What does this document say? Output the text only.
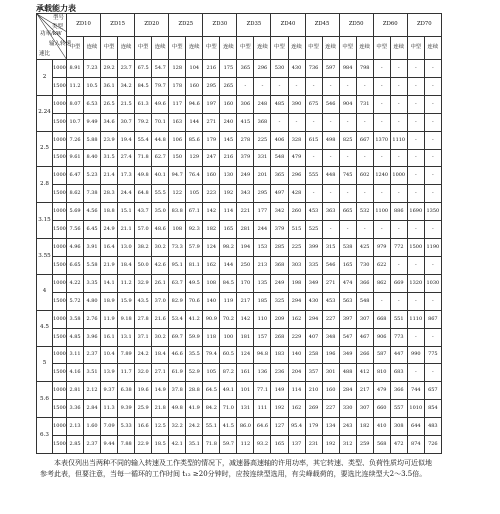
承载能力表
型号
类型
功率/kW
输入转速
速比		ZD10		ZD15		ZD20		ZD25		ZD30		ZD35		ZD40		ZD45		ZD50		ZD60		ZD70	
		中型	连续	中型	连续	中型	连续	中型	连续	中型	连续	中型	连续	中型	连续	中型	连续	中型	连续	中型	连续	中型	连续
2	1000	8.91	7.23	29.2	23.7	67.5	54.7	128	104	216	175	365	296	530	430	736	597	984	798	-	-	-	-
	1500	11.2	10.5	36.1	34.2	84.5	79.7	178	160	295	265	-	-	-	-	-	-	-	-	-	-	-	-
2.24	1000	8.07	6.53	26.5	21.5	61.3	49.6	117	94.6	197	160	306	248	485	390	675	546	904	731	-	-	-	-
	1500	10.7	9.49	34.6	30.7	79.2	70.1	163	144	271	240	415	368	-	-	-	-	-	-	-	-	-	-
2.5	1000	7.26	5.88	23.9	19.4	55.4	44.8	106	85.6	179	145	278	225	406	328	615	498	825	667	1370	1110	-	-
	1500	9.61	8.40	31.5	27.4	71.8	62.7	150	129	247	216	379	331	548	479	-	-	-	-	-	-	-	-
2.8	1000	6.47	5.23	21.4	17.3	49.8	40.1	94.7	76.4	160	130	249	201	365	296	555	448	745	602	1240	1000	-	-
	1500	8.62	7.38	28.3	24.4	64.8	55.5	122	105	223	192	343	295	497	428	-	-	-	-	-	-	-	-
3.15	1000	5.69	4.56	18.8	15.1	43.7	35.0	83.8	67.1	142	114	221	177	342	260	453	363	665	532	1100	886	1690	1350
	1500	7.56	6.45	24.9	21.1	57.0	48.6	108	92.3	182	165	281	244	379	515	525	-	-	-	-	-	-	-
3.55	1000	4.96	3.91	16.4	13.0	38.2	30.2	73.3	57.9	124	98.2	194	153	285	225	399	315	538	425	979	772	1500	1190
	1500	6.65	5.58	21.9	18.4	50.0	42.6	95.1	81.1	162	144	250	213	368	303	335	546	165	730	622	-	-	-
4	1000	4.22	3.35	14.1	11.2	32.9	26.1	63.7	49.5	108	84.5	170	135	249	198	349	271	474	366	862	669	1320	1030
	1500	5.72	4.80	18.9	15.9	43.5	37.0	82.9	70.6	140	119	217	185	325	294	430	453	563	548	-	-	-	-
4.5	1000	3.58	2.76	11.9	9.18	27.8	21.6	53.4	41.2	90.9	70.2	142	110	209	162	294	227	397	307	668	551	1110	867
	1500	4.85	3.96	16.1	13.1	37.1	30.2	69.7	59.9	118	100	181	157	268	229	407	348	547	467	906	773	-	-
5	1000	3.11	2.37	10.4	7.89	24.2	18.4	46.6	35.5	79.4	60.5	124	94.8	183	140	258	196	349	266	587	447	990	775
	1500	4.16	3.51	13.9	11.7	32.0	27.1	61.9	52.9	105	87.2	161	136	236	204	357	301	488	412	810	683	-	-
5.6	1000	2.81	2.12	9.37	6.38	19.6	14.9	37.8	28.8	64.5	49.1	101	77.1	149	114	210	160	284	217	479	366	744	657
	1500	3.36	2.84	11.3	9.39	25.9	21.8	49.8	41.9	84.2	71.0	131	111	192	162	269	227	330	307	660	557	1010	854
6.3	1000	2.13	1.60	7.09	5.33	16.6	12.5	32.2	24.2	55.1	41.5	86.0	64.6	127	95.4	179	134	243	182	410	308	644	483
	1500	2.85	2.37	9.44	7.88	22.9	18.5	42.1	35.1	71.8	59.7	112	93.2	165	137	231	192	312	259	568	472	874	726

本表仅列出当两种不同的输入转速及工作类型的情况下，减速器高速轴的许用功率，其它转速、类型、负荷性质均可近似地参考此表，但要注意，当每一循环的工作时间 t₁₂ ≥20分钟时，应按连续型选用，有尖峰载荷的，要选比连续型大2～3.5倍。
